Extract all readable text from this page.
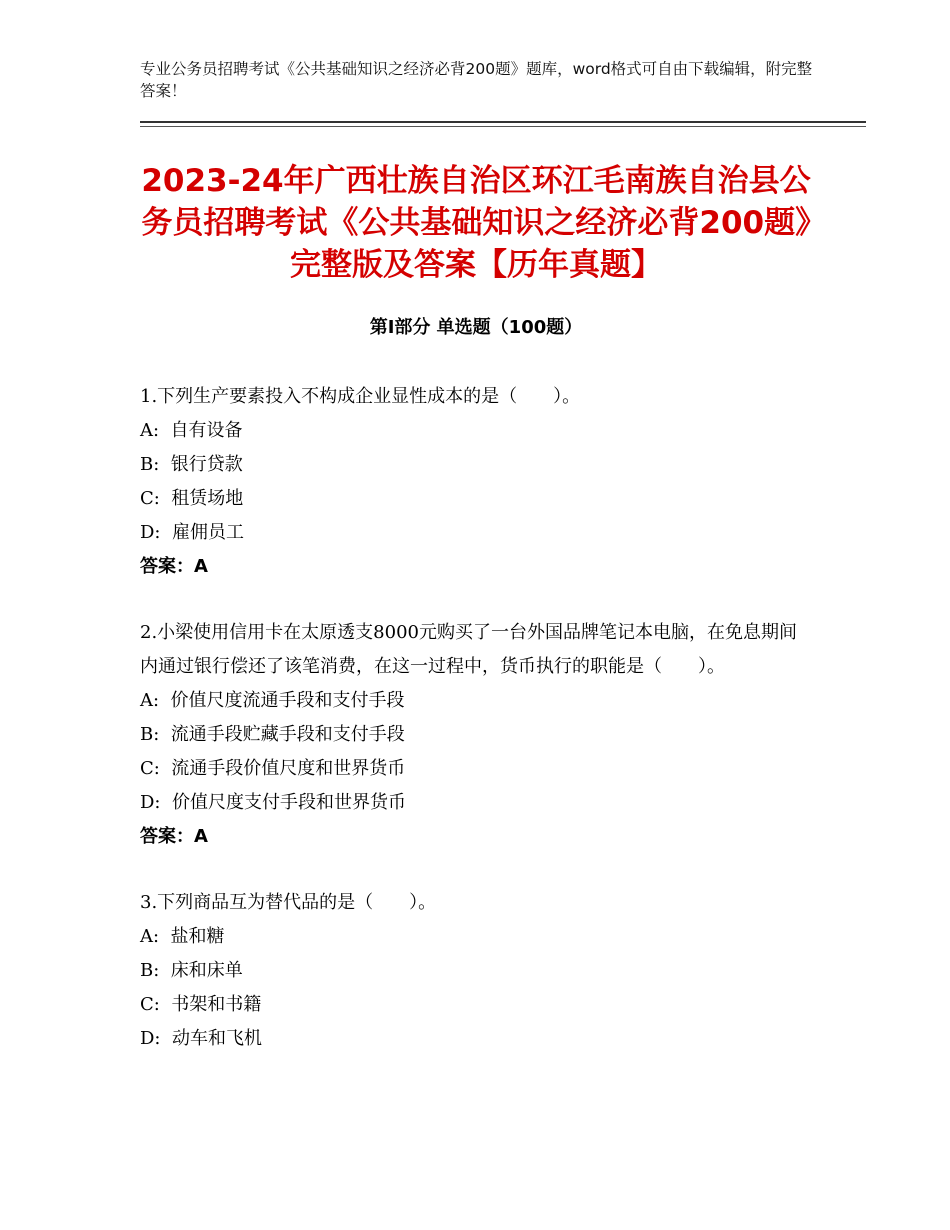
专业公务员招聘考试《公共基础知识之经济必背200题》题库，word格式可自由下载编辑，附完整答案！
2023-24年广西壮族自治区环江毛南族自治县公务员招聘考试《公共基础知识之经济必背200题》完整版及答案【历年真题】
第Ⅰ部分 单选题（100题）

1.下列生产要素投入不构成企业显性成本的是（　　）。

A:  自有设备

B:  银行贷款

C:  租赁场地

D:  雇佣员工

答案：A

2.小梁使用信用卡在太原透支8000元购买了一台外国品牌笔记本电脑，在免息期间内通过银行偿还了该笔消费，在这一过程中，货币执行的职能是（　　）。

A:  价值尺度流通手段和支付手段

B:  流通手段贮藏手段和支付手段

C:  流通手段价值尺度和世界货币

D:  价值尺度支付手段和世界货币

答案：A

3.下列商品互为替代品的是（　　）。

A:  盐和糖

B:  床和床单

C:  书架和书籍

D:  动车和飞机
